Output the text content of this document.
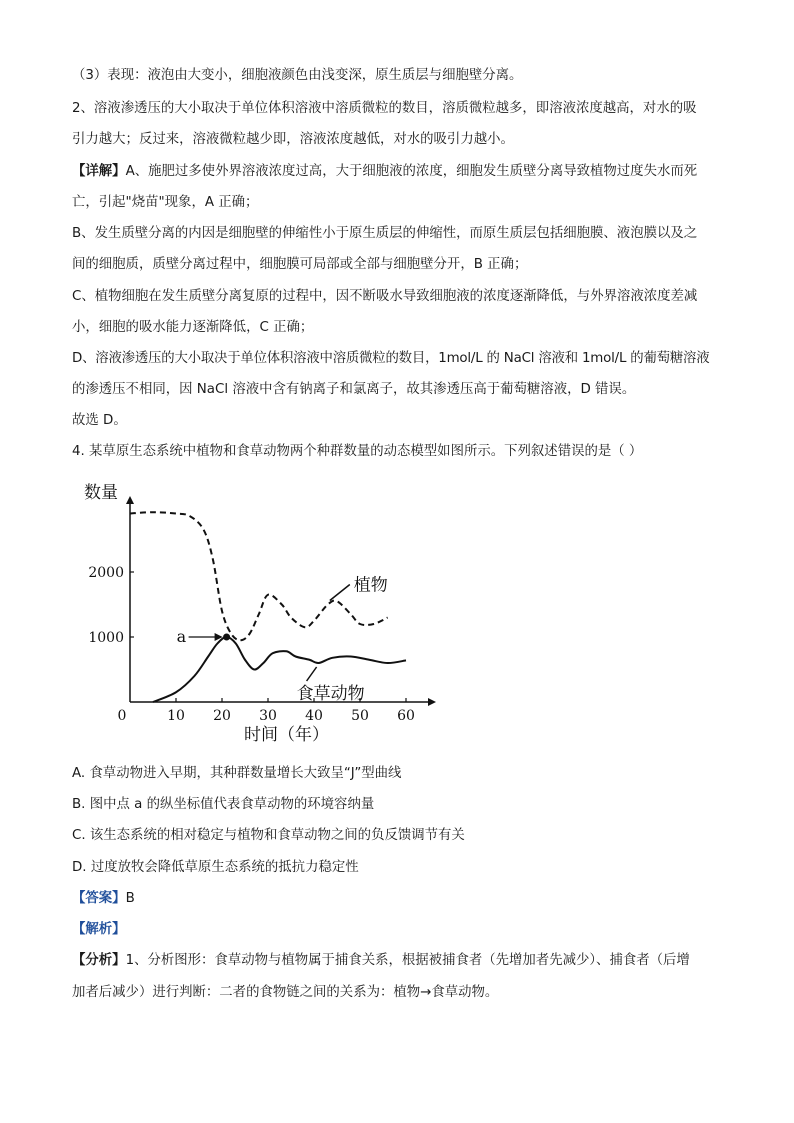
（3）表现：液泡由大变小，细胞液颜色由浅变深，原生质层与细胞壁分离。
2、溶液渗透压的大小取决于单位体积溶液中溶质微粒的数目，溶质微粒越多，即溶液浓度越高，对水的吸
引力越大；反过来，溶液微粒越少即，溶液浓度越低，对水的吸引力越小。
【详解】A、施肥过多使外界溶液浓度过高，大于细胞液的浓度，细胞发生质壁分离导致植物过度失水而死
亡，引起"烧苗"现象，A 正确；
B、发生质壁分离的内因是细胞壁的伸缩性小于原生质层的伸缩性，而原生质层包括细胞膜、液泡膜以及之
间的细胞质，质壁分离过程中，细胞膜可局部或全部与细胞壁分开，B 正确；
C、植物细胞在发生质壁分离复原的过程中，因不断吸水导致细胞液的浓度逐渐降低，与外界溶液浓度差减
小，细胞的吸水能力逐渐降低，C 正确；
D、溶液渗透压的大小取决于单位体积溶液中溶质微粒的数目，1mol/L 的 NaCl 溶液和 1mol/L 的葡萄糖溶液
的渗透压不相同，因 NaCl 溶液中含有钠离子和氯离子，故其渗透压高于葡萄糖溶液，D 错误。
故选 D。
4. 某草原生态系统中植物和食草动物两个种群数量的动态模型如图所示。下列叙述错误的是（ ）
10 20 30 40 50 60
1000
2000
数量
时间（年）
0
植物
食草动物
a
A. 食草动物进入早期，其种群数量增长大致呈“J”型曲线
B. 图中点 a 的纵坐标值代表食草动物的环境容纳量
C. 该生态系统的相对稳定与植物和食草动物之间的负反馈调节有关
D. 过度放牧会降低草原生态系统的抵抗力稳定性
【答案】B
【解析】
【分析】1、分析图形：食草动物与植物属于捕食关系，根据被捕食者（先增加者先减少）、捕食者（后增
加者后减少）进行判断：二者的食物链之间的关系为：植物→食草动物。
